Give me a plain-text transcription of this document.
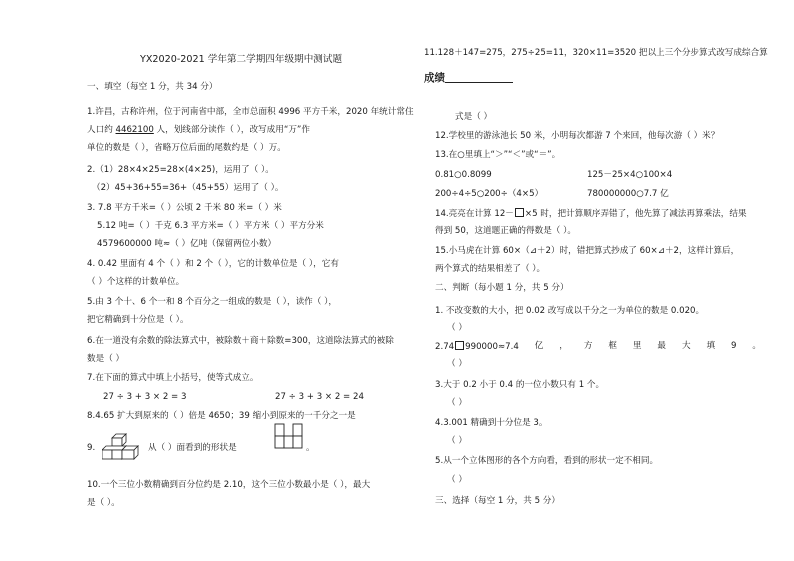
YX2020-2021 学年第二学期四年级期中测试题
一、填空（每空 1 分，共 34 分）
1.许昌，古称许州，位于河南省中部，全市总面积 4996 平方千米，2020 年统计常住
人口约 4462100 人，划线部分读作（ ），改写成用“万”作
单位的数是（ ），省略万位后面的尾数约是（ ）万。
2.（1）28×4×25=28×(4×25)，运用了（ ）。
（2）45+36+55=36+（45+55）运用了（ ）。
3. 7.8 平方千米=（ ）公顷 2 千米 80 米=（ ）米
5.12 吨=（ ）千克 6.3 平方米=（ ）平方米（ ）平方分米
4579600000 吨≈（ ）亿吨（保留两位小数）
4. 0.42 里面有 4 个（ ）和 2 个（ ），它的计数单位是（ ），它有
（ ）个这样的计数单位。
5.由 3 个十、6 个一和 8 个百分之一组成的数是（ ），读作（ ），
把它精确到十分位是（ ）。
6.在一道没有余数的除法算式中，被除数＋商＋除数=300，这道除法算式的被除
数是（ ）
7.在下面的算式中填上小括号，使等式成立。
27 ÷ 3 + 3 × 2 = 3	27 ÷ 3 + 3 × 2 = 24
8.4.65 扩大到原来的（ ）倍是 4650；39 缩小到原来的一千分之一是
9.	从（ ）面看到的形状是	。
10.一个三位小数精确到百分位约是 2.10，这个三位小数最小是（ ），最大
是（ ）。
11.128＋147=275，275÷25=11，320×11=3520 把以上三个分步算式改写成综合算
成绩
式是（ ）
12.学校里的游泳池长 50 米，小明每次都游 7 个来回，他每次游（ ）米？
13.在○里填上“＞”“＜”或“＝”。
0.81○0.8099	125－25×4○100×4
200÷4÷5○200÷（4×5）	780000000○7.7 亿
14.亮亮在计算 12－ ×5 时，把计算顺序弄错了，他先算了减法再算乘法，结果
得到 50，这道题正确的得数是（ ）。
15.小马虎在计算 60×（⊿＋2）时，错把算式抄成了 60×⊿＋2，这样计算后，
两个算式的结果相差了（ ）。
二、判断（每小题 1 分，共 5 分）
1. 不改变数的大小，把 0.02 改写成以千分之一为单位的数是 0.020。
（ ）
2.74 990000≈7.4 亿 ， 方 框 里 最 大 填 9 。
（ ）
3.大于 0.2 小于 0.4 的一位小数只有 1 个。
（ ）
4.3.001 精确到十分位是 3。
（ ）
5.从一个立体图形的各个方向看，看到的形状一定不相同。
（ ）
三、选择（每空 1 分，共 5 分）
